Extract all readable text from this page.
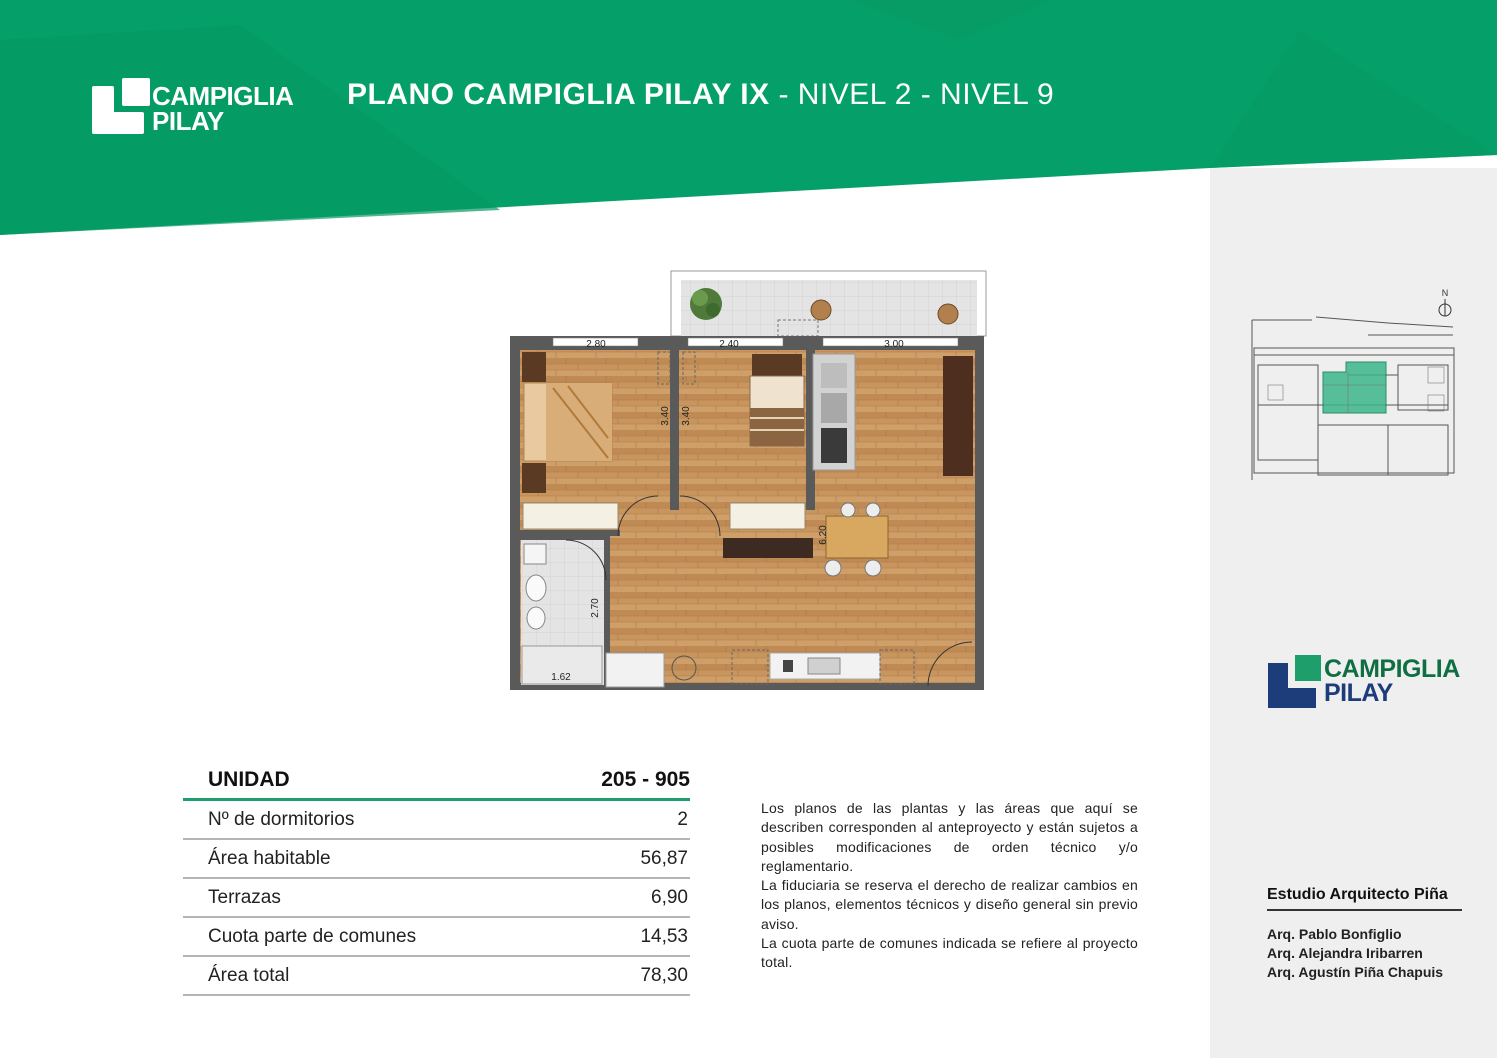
CAMPIGLIA
PILAY
PLANO CAMPIGLIA PILAY IX - NIVEL 2 - NIVEL 9
N
CAMPIGLIA
PILAY
Estudio Arquitecto Piña
Arq. Pablo Bonfiglio
Arq. Alejandra Iribarren
Arq. Agustín Piña Chapuis
2.80	2.40	3.00
3.40 3.40
6.20
2.70
1.62
UNIDAD	205 - 905
Nº de dormitorios	2
Área habitable	56,87
Terrazas	6,90
Cuota parte de comunes	14,53
Área total	78,30

Los planos de las plantas y las áreas que aquí se describen corresponden al anteproyecto y están sujetos a posibles modificaciones de orden técnico y/o reglamentario.

La fiduciaria se reserva el derecho de realizar cambios en los planos, elementos técnicos y diseño general sin previo aviso.

La cuota parte de comunes indicada se refiere al proyecto total.
